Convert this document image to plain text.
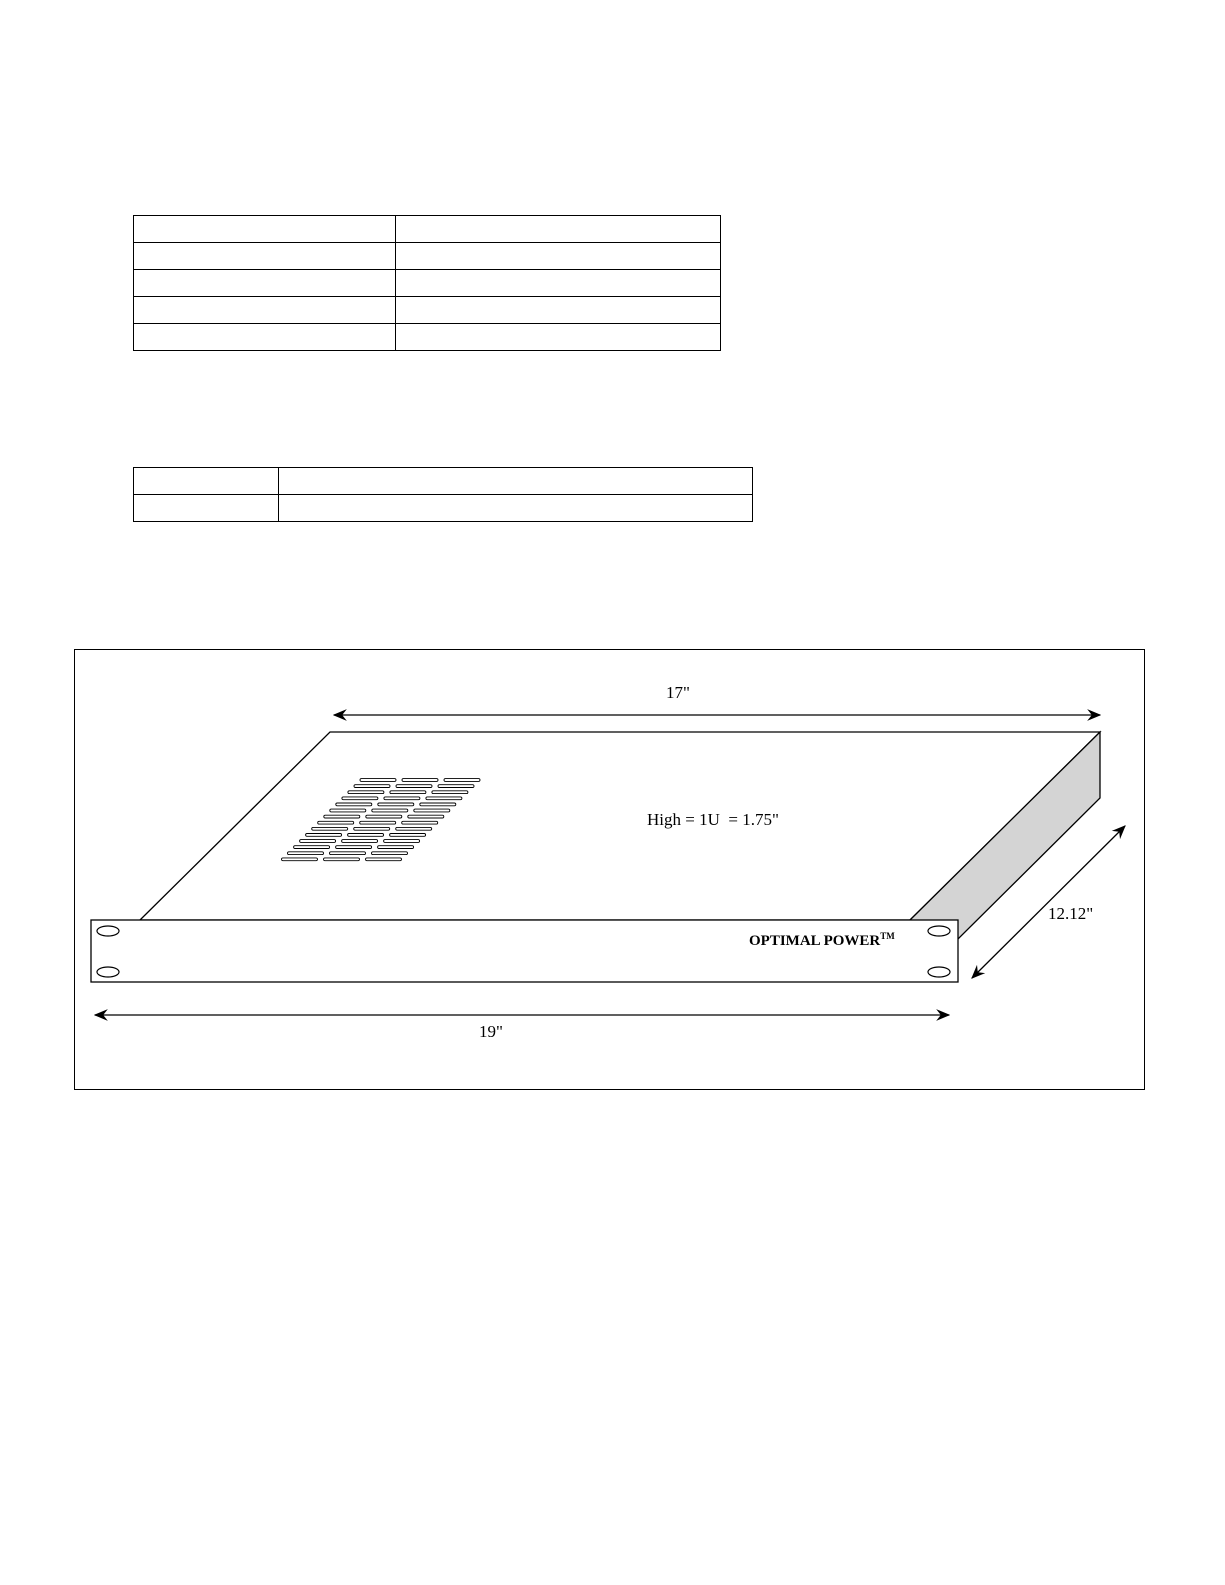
OPTIMAL POWER™
17"
19"
12.12"
High = 1U  = 1.75"
